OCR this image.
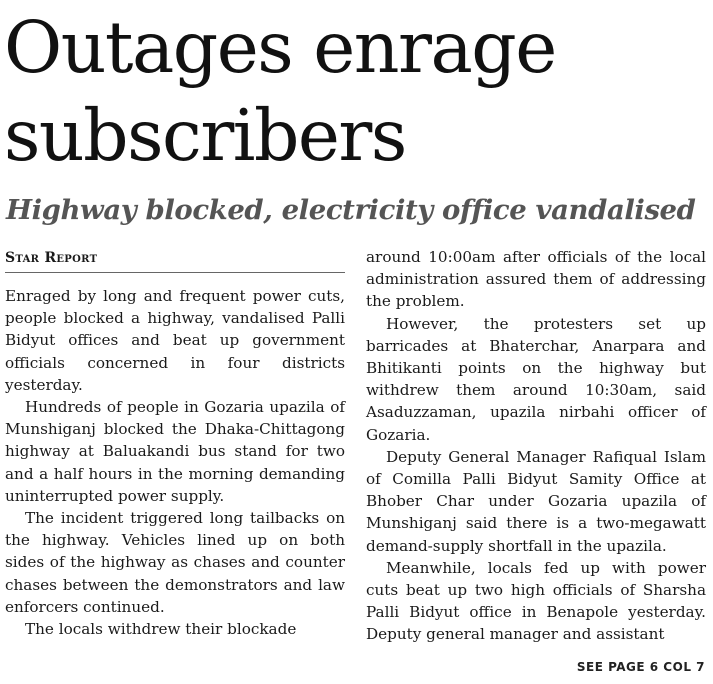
Outages enrage
subscribers
Highway blocked, electricity office vandalised
Star Report

Enraged by long and frequent power cuts, people blocked a highway, vandalised Palli Bidyut offices and beat up government officials concerned in four districts yesterday.

Hundreds of people in Gozaria upazila of Munshiganj blocked the Dhaka-Chittagong highway at Baluakandi bus stand for two and a half hours in the morning demanding uninterrupted power supply.

The incident triggered long tailbacks on the highway. Vehicles lined up on both sides of the highway as chases and counter chases between the demonstrators and law enforcers continued.

The locals withdrew their blockade

around 10:00am after officials of the local administration assured them of addressing the problem.

However, the protesters set up barricades at Bhaterchar, Anarpara and Bhitikanti points on the highway but withdrew them around 10:30am, said Asaduzzaman, upazila nirbahi officer of Gozaria.

Deputy General Manager Rafiqual Islam of Comilla Palli Bidyut Samity Office at Bhober Char under Gozaria upazila of Munshiganj said there is a two-megawatt demand-supply shortfall in the upazila.

Meanwhile, locals fed up with power cuts beat up two high officials of Sharsha Palli Bidyut office in Benapole yesterday. Deputy general manager and assistant

SEE PAGE 6 COL 7
